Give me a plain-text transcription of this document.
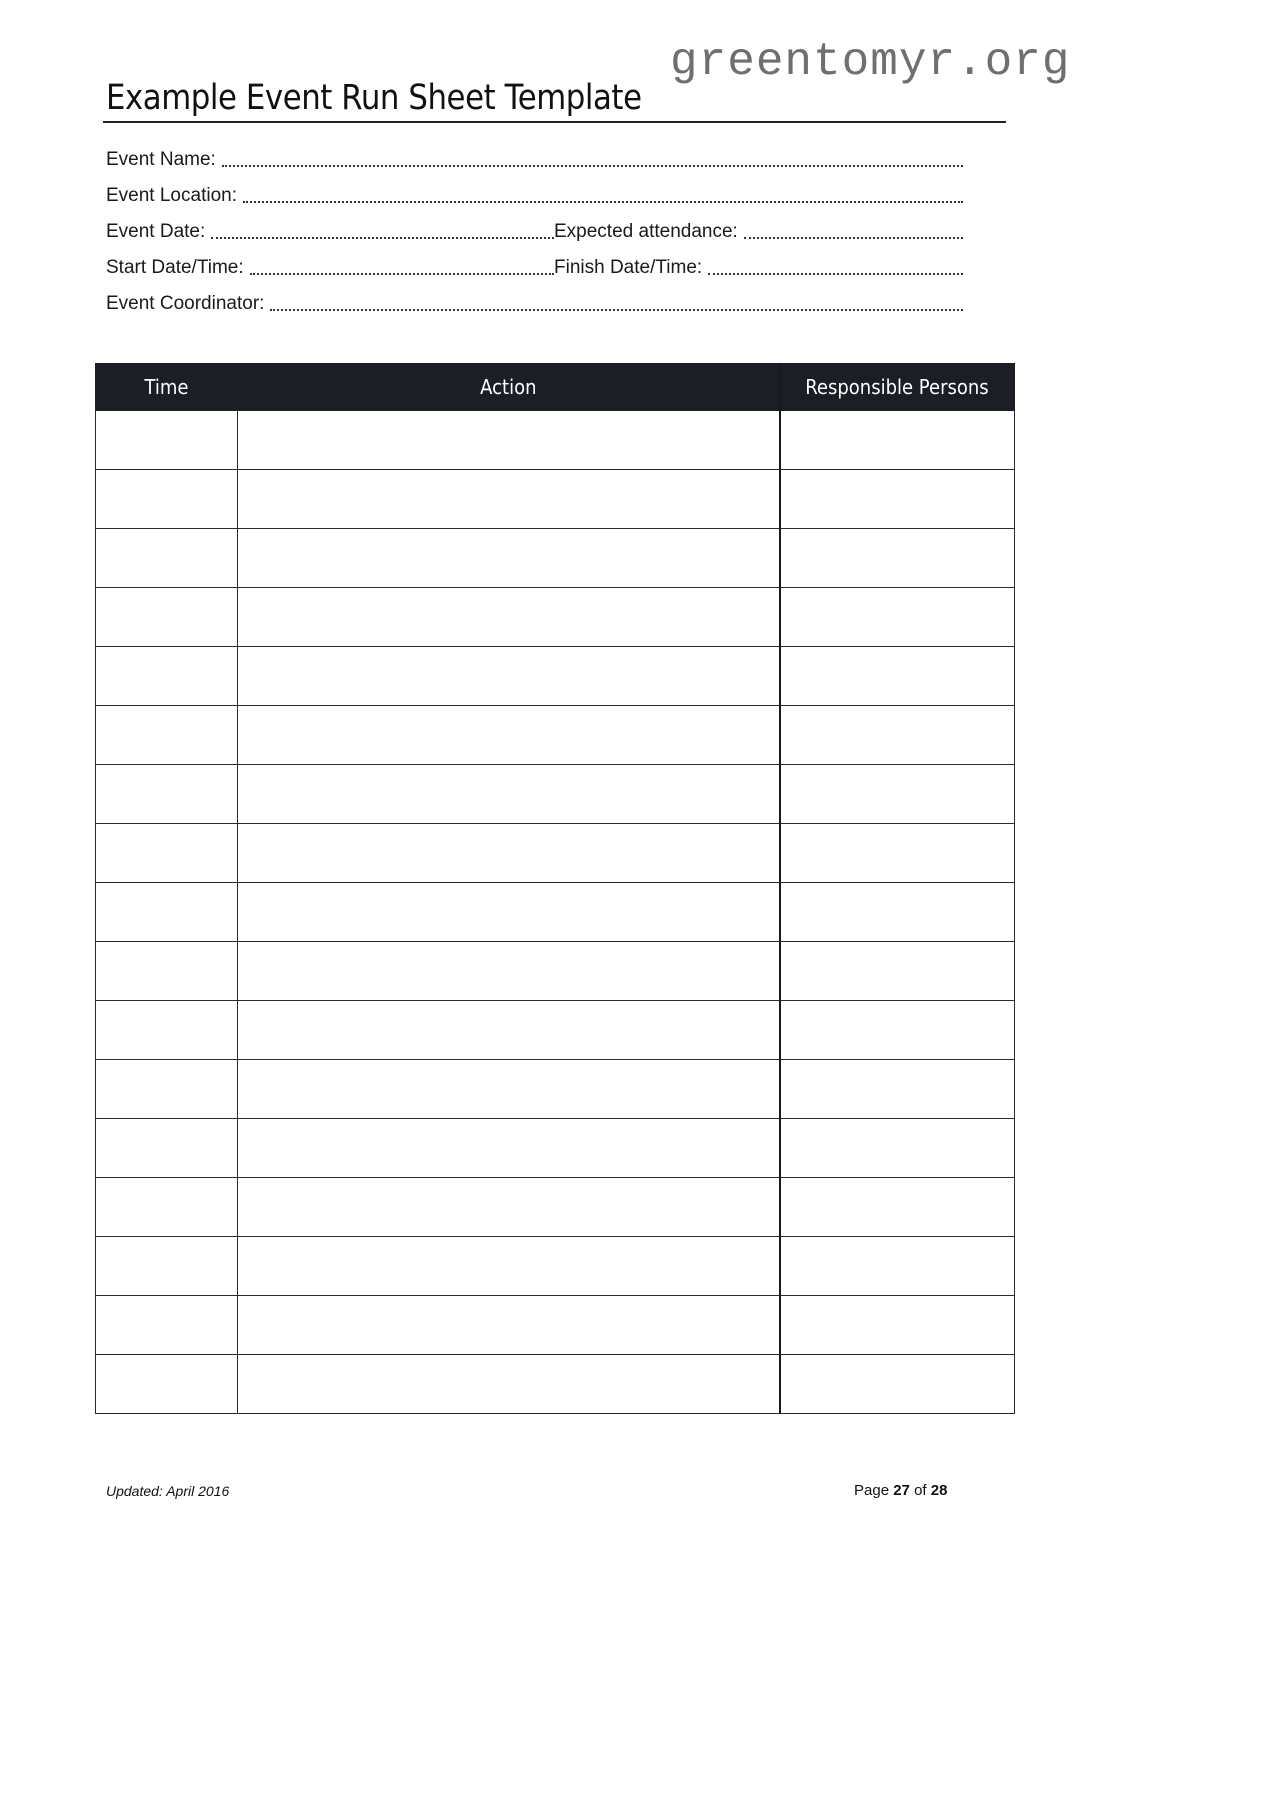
greentomyr.org
Example Event Run Sheet Template
Event Name:
Event Location:
Event Date:	Expected attendance:
Start Date/Time:	Finish Date/Time:
Event Coordinator:
Time	Action	Responsible Persons

Updated: April 2016	Page 27 of 28
